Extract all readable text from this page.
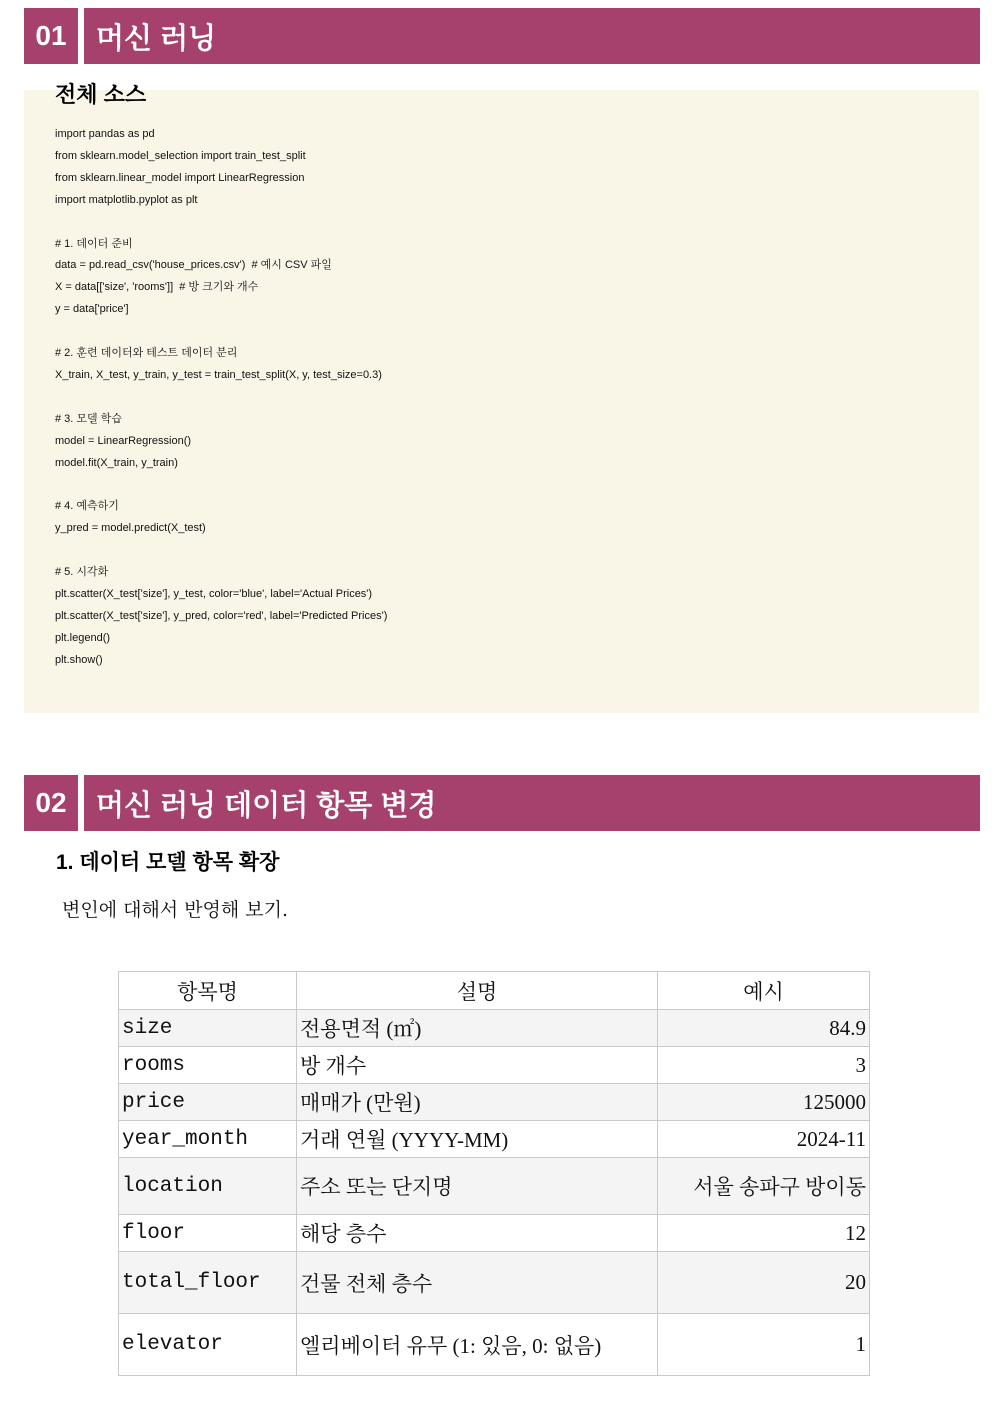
01	머신 러닝
전체 소스
import pandas as pd
from sklearn.model_selection import train_test_split
from sklearn.linear_model import LinearRegression
import matplotlib.pyplot as plt

# 1. 데이터 준비
data = pd.read_csv('house_prices.csv')  # 예시 CSV 파일
X = data[['size', 'rooms']]  # 방 크기와 개수
y = data['price']

# 2. 훈련 데이터와 테스트 데이터 분리
X_train, X_test, y_train, y_test = train_test_split(X, y, test_size=0.3)

# 3. 모델 학습
model = LinearRegression()
model.fit(X_train, y_train)

# 4. 예측하기
y_pred = model.predict(X_test)

# 5. 시각화
plt.scatter(X_test['size'], y_test, color='blue', label='Actual Prices')
plt.scatter(X_test['size'], y_pred, color='red', label='Predicted Prices')
plt.legend()
plt.show()
02	머신 러닝 데이터 항목 변경
1. 데이터 모델 항목 확장

변인에 대해서 반영해 보기.

항목명	설명	예시
size	전용면적 (㎡)	84.9
rooms	방 개수	3
price	매매가 (만원)	125000
year_month	거래 연월 (YYYY-MM)	2024-11
location	주소 또는 단지명	서울 송파구 방이동
floor	해당 층수	12
total_floor	건물 전체 층수	20
elevator	엘리베이터 유무 (1: 있음, 0: 없음)	1
